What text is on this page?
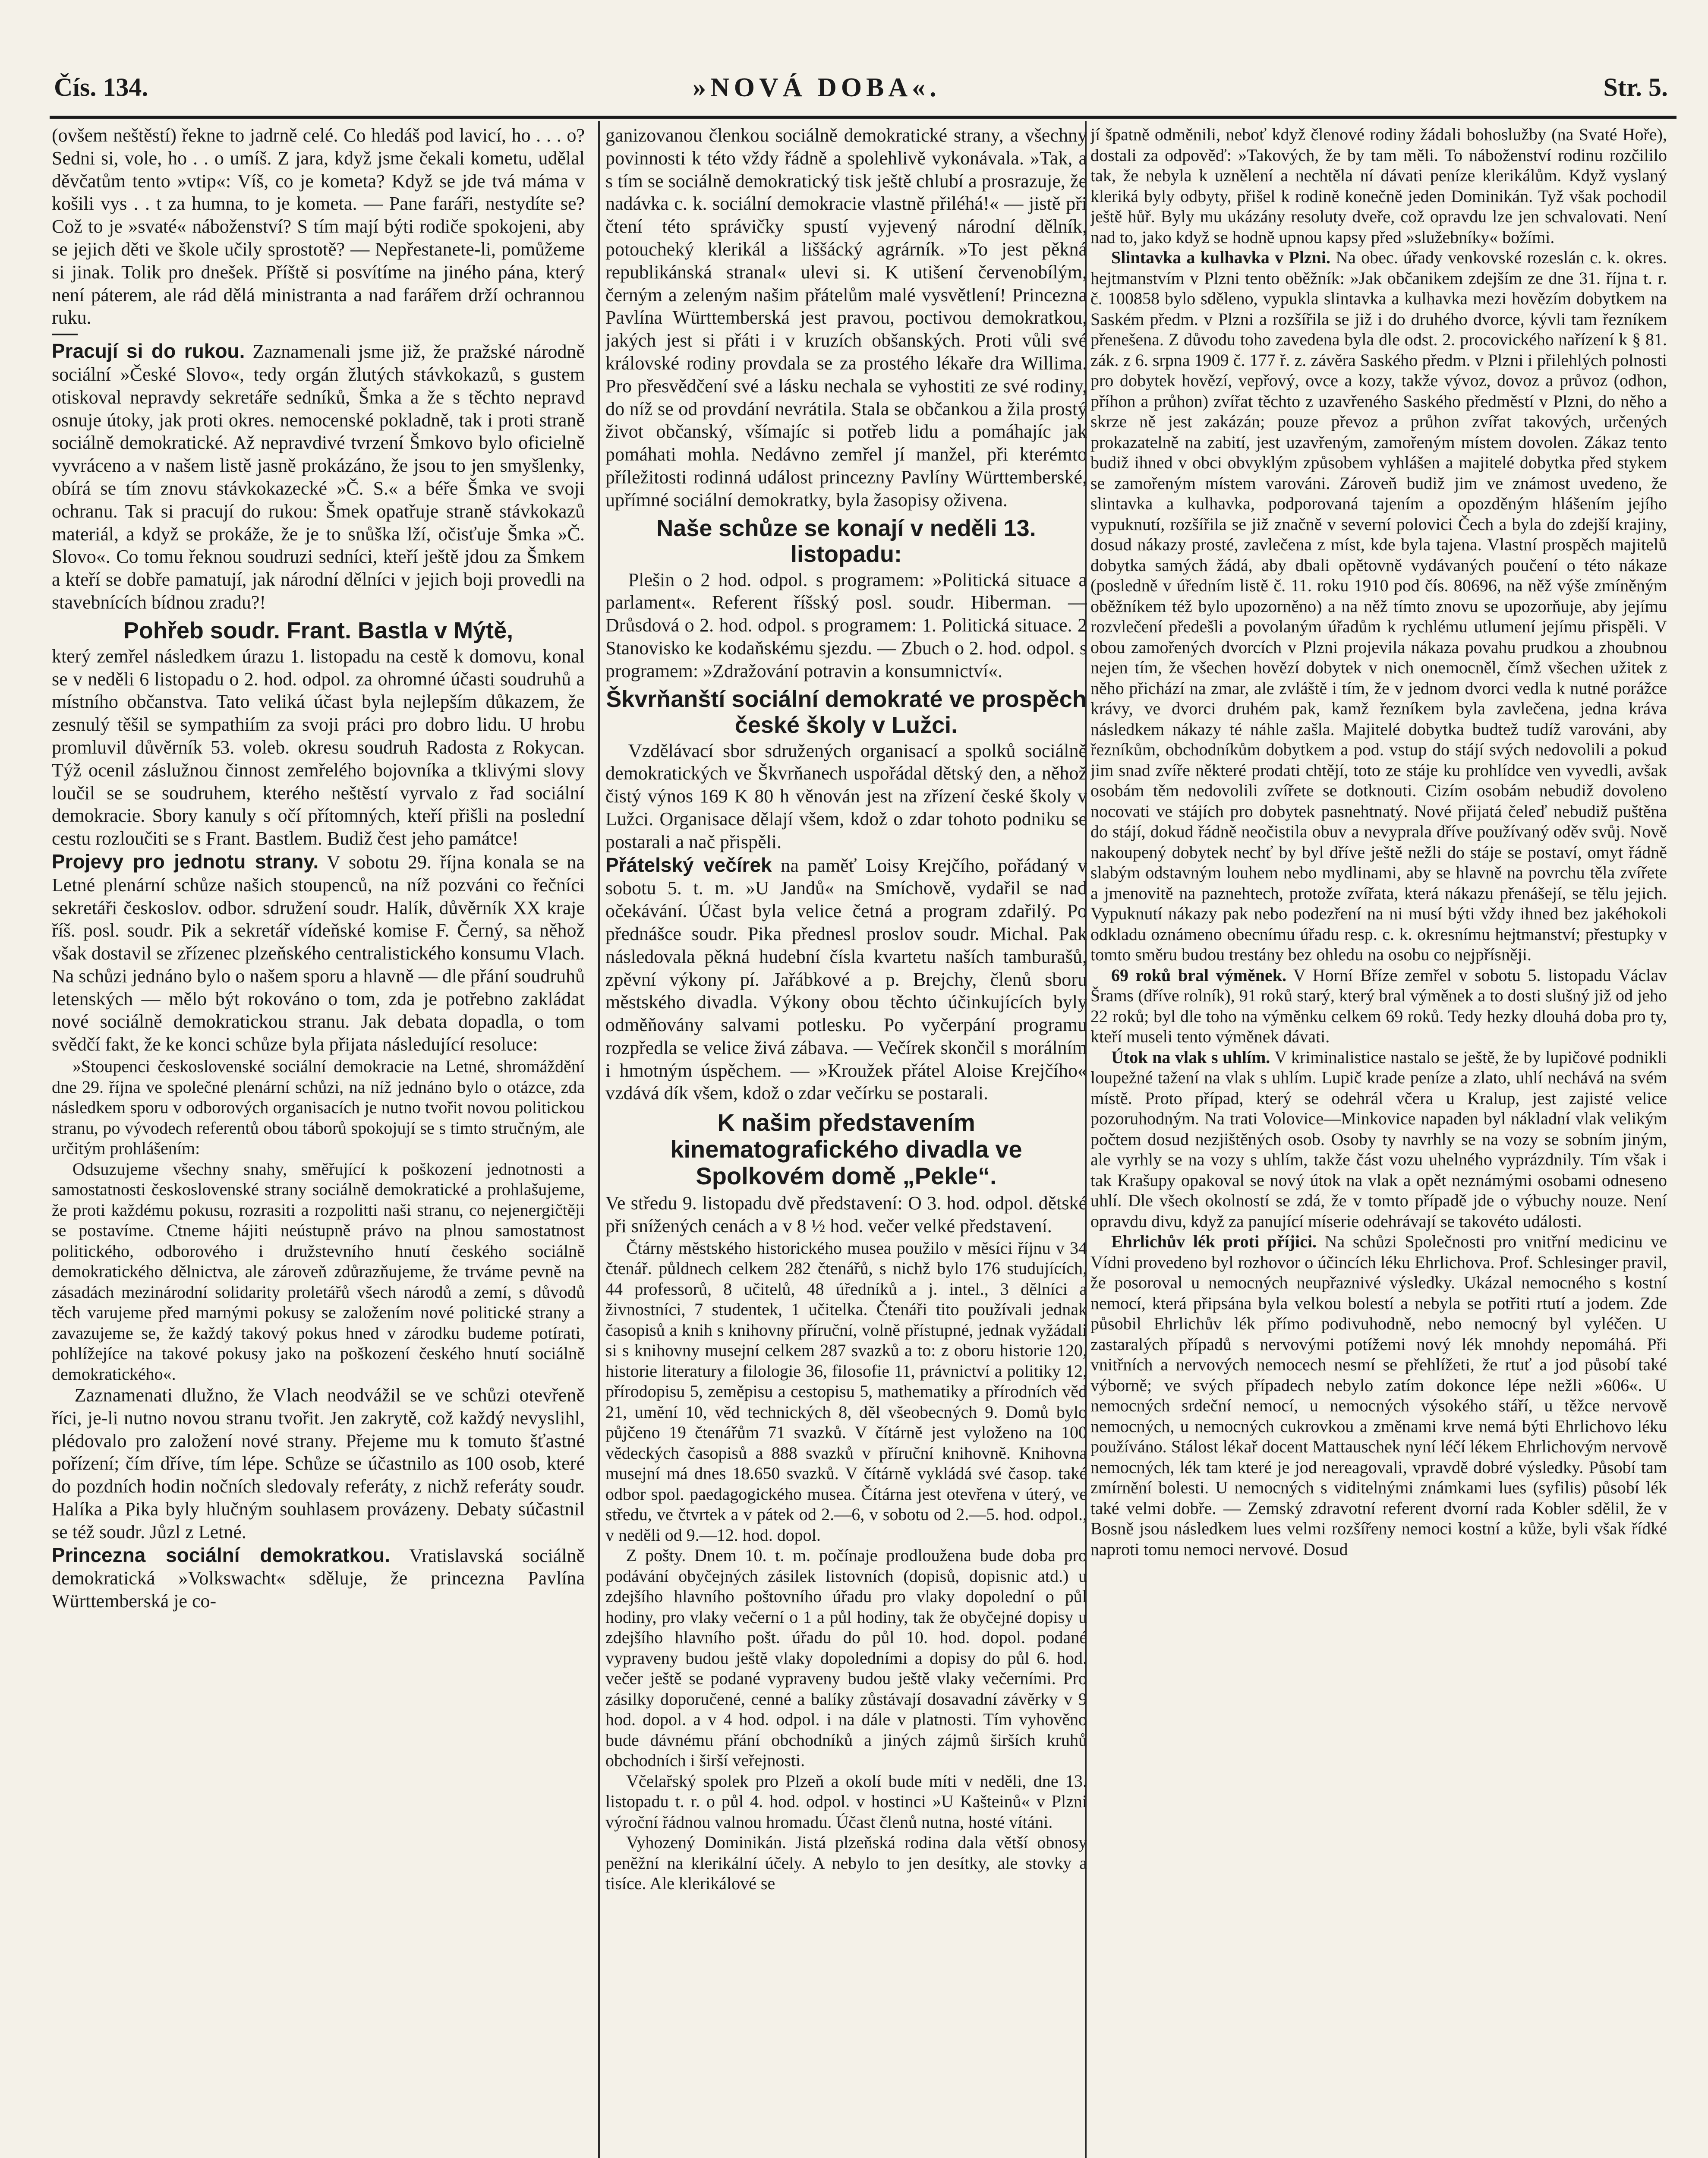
Čís. 134.	»NOVÁ DOBA«.	Str. 5.

(ovšem neštěstí) řekne to jadrně celé. Co hledáš pod lavicí, ho . . . o? Sedni si, vole, ho . . o umíš. Z jara, když jsme čekali kometu, udělal děvčatům tento »vtip«: Víš, co je kometa? Když se jde tvá máma v košili vys . . t za humna, to je kometa. — Pane faráři, nestydíte se? Což to je »svaté« náboženství? S tím mají býti rodiče spokojeni, aby se jejich děti ve škole učily sprostotě? — Nepřestanete-li, pomůžeme si jinak. Tolik pro dnešek. Příště si posvítíme na jiného pána, který není páterem, ale rád dělá ministranta a nad farářem drží ochrannou ruku.

Pracují si do rukou. Zaznamenali jsme již, že pražské národně sociální »České Slovo«, tedy orgán žlutých stávkokazů, s gustem otiskoval nepravdy sekretáře sedníků, Šmka a že s těchto nepravd osnuje útoky, jak proti okres. nemocenské pokladně, tak i proti straně sociálně demokratické. Až nepravdivé tvrzení Šmkovo bylo oficielně vyvráceno a v našem listě jasně prokázáno, že jsou to jen smyšlenky, obírá se tím znovu stávkokazecké »Č. S.« a béře Šmka ve svoji ochranu. Tak si pracují do rukou: Šmek opatřuje straně stávkokazů materiál, a když se prokáže, že je to snůška lží, očisťuje Šmka »Č. Slovo«. Co tomu řeknou soudruzi sedníci, kteří ještě jdou za Šmkem a kteří se dobře pamatují, jak národní dělníci v jejich boji provedli na stavebnících bídnou zradu?!

Pohřeb soudr. Frant. Bastla v Mýtě,

který zemřel následkem úrazu 1. listopadu na cestě k domovu, konal se v neděli 6 listopadu o 2. hod. odpol. za ohromné účasti soudruhů a místního občanstva. Tato veliká účast byla nejlepším důkazem, že zesnulý těšil se sympathiím za svoji práci pro dobro lidu. U hrobu promluvil důvěrník 53. voleb. okresu soudruh Radosta z Rokycan. Týž ocenil záslužnou činnost zemřelého bojovníka a tklivými slovy loučil se se soudruhem, kterého neštěstí vyrvalo z řad sociální demokracie. Sbory kanuly s očí přítomných, kteří přišli na poslední cestu rozloučiti se s Frant. Bastlem. Budiž čest jeho památce!

Projevy pro jednotu strany. V sobotu 29. října konala se na Letné plenární schůze našich stoupenců, na níž pozváni co řečníci sekretáři českoslov. odbor. sdružení soudr. Halík, důvěrník XX kraje říš. posl. soudr. Pik a sekretář vídeňské komise F. Černý, sa něhož však dostavil se zřízenec plzeňského centralistického konsumu Vlach. Na schůzi jednáno bylo o našem sporu a hlavně — dle přání soudruhů letenských — mělo být rokováno o tom, zda je potřebno zakládat nové sociálně demokratickou stranu. Jak debata dopadla, o tom svědčí fakt, že ke konci schůze byla přijata následující resoluce:

»Stoupenci československé sociální demokracie na Letné, shromáždění dne 29. října ve společné plenární schůzi, na níž jednáno bylo o otázce, zda následkem sporu v odborových organisacích je nutno tvořit novou politickou stranu, po vývodech referentů obou táborů spokojují se s timto stručným, ale určitým prohlášením:

Odsuzujeme všechny snahy, směřující k poškození jednotnosti a samostatnosti československé strany sociálně demokratické a prohlašujeme, že proti každému pokusu, rozrasiti a rozpolitti naši stranu, co nejenergičtěji se postavíme. Ctneme hájiti neústupně právo na plnou samostatnost politického, odborového i družstevního hnutí českého sociálně demokratického dělnictva, ale zároveň zdůrazňujeme, že trváme pevně na zásadách mezinárodní solidarity proletářů všech národů a zemí, s důvodů těch varujeme před marnými pokusy se založením nové politické strany a zavazujeme se, že každý takový pokus hned v zárodku budeme potírati, pohlížejíce na takové pokusy jako na poškození českého hnutí sociálně demokratického«.

Zaznamenati dlužno, že Vlach neodvážil se ve schůzi otevřeně říci, je-li nutno novou stranu tvořit. Jen zakrytě, což každý nevyslihl, plédovalo pro založení nové strany. Přejeme mu k tomuto šťastné pořízení; čím dříve, tím lépe. Schůze se účastnilo as 100 osob, které do pozdních hodin nočních sledovaly referáty, z nichž referáty soudr. Halíka a Pika byly hlučným souhlasem provázeny. Debaty súčastnil se též soudr. Jůzl z Letné.

Princezna sociální demokratkou. Vratislavská sociálně demokratická »Volkswacht« sděluje, že princezna Pavlína Württemberská je co-

ganizovanou členkou sociálně demokratické strany, a všechny povinnosti k této vždy řádně a spolehlivě vykonávala. »Tak, a s tím se sociálně demokratický tisk ještě chlubí a prosrazuje, že nadávka c. k. sociální demokracie vlastně přiléhá!« — jistě při čtení této správičky spustí vyjevený národní dělník, potoucheký klerikál a liššácký agrárník. »To jest pěkná republikánská stranal« ulevi si. K utišení červenobílým, černým a zeleným našim přátelům malé vysvětlení! Princezna Pavlína Württemberská jest pravou, poctivou demokratkou, jakých jest si přáti i v kruzích obšanských. Proti vůli své královské rodiny provdala se za prostého lékaře dra Willima. Pro přesvědčení své a lásku nechala se vyhostiti ze své rodiny, do níž se od provdání nevrátila. Stala se občankou a žila prostý život občanský, všímajíc si potřeb lidu a pomáhajíc jak pomáhati mohla. Nedávno zemřel jí manžel, při kterémto příležitosti rodinná událost princezny Pavlíny Württemberské, upřímné sociální demokratky, byla žasopisy oživena.

Naše schůze se konají v neděli 13. listopadu:

Plešin o 2 hod. odpol. s programem: »Politická situace a parlament«. Referent říšský posl. soudr. Hiberman. — Drůsdová o 2. hod. odpol. s programem: 1. Politická situace. 2 Stanovisko ke kodaňskému sjezdu. — Zbuch o 2. hod. odpol. s programem: »Zdražování potravin a konsumnictví«.

Škvrňanští sociální demokraté ve prospěch české školy v Lužci.

Vzdělávací sbor sdružených organisací a spolků sociálně demokratických ve Škvrňanech uspořádal dětský den, a něhož čistý výnos 169 K 80 h věnován jest na zřízení české školy v Lužci. Organisace dělají všem, kdož o zdar tohoto podniku se postarali a nač přispěli.

Přátelský večírek na paměť Loisy Krejčího, pořádaný v sobotu 5. t. m. »U Jandů« na Smíchově, vydařil se nad očekávání. Účast byla velice četná a program zdařilý. Po přednášce soudr. Pika přednesl proslov soudr. Michal. Pak následovala pěkná hudební čísla kvartetu naších tamburašů, zpěvní výkony pí. Jařábkové a p. Brejchy, členů sboru městského divadla. Výkony obou těchto účinkujících byly odměňovány salvami potlesku. Po vyčerpání programu rozpředla se velice živá zábava. — Večírek skončil s morálním i hmotným úspěchem. — »Kroužek přátel Aloise Krejčího« vzdává dík všem, kdož o zdar večírku se postarali.

K našim představením kinematografického divadla ve Spolkovém domě „Pekle“.

Ve středu 9. listopadu dvě představení: O 3. hod. odpol. dětské při snížených cenách a v 8 ½ hod. večer velké představení.

Čtárny městského historického musea použilo v měsíci říjnu v 34 čtenář. půldnech celkem 282 čtenářů, s nichž bylo 176 studujících, 44 professorů, 8 učitelů, 48 úředníků a j. intel., 3 dělníci a živnostníci, 7 studentek, 1 učitelka. Čtenáři tito používali jednak časopisů a knih s knihovny příruční, volně přístupné, jednak vyžádali si s knihovny musejní celkem 287 svazků a to: z oboru historie 120, historie literatury a filologie 36, filosofie 11, právnictví a politiky 12, přírodopisu 5, zeměpisu a cestopisu 5, mathematiky a přírodních věd 21, umění 10, věd technických 8, děl všeobecných 9. Domů bylo půjčeno 19 čtenářům 71 svazků. V čítárně jest vyloženo na 100 vědeckých časopisů a 888 svazků v příruční knihovně. Knihovna musejní má dnes 18.650 svazků. V čítárně vykládá své časop. také odbor spol. paedagogického musea. Čítárna jest otevřena v úterý, ve středu, ve čtvrtek a v pátek od 2.—6, v sobotu od 2.—5. hod. odpol., v neděli od 9.—12. hod. dopol.

Z pošty. Dnem 10. t. m. počínaje prodloužena bude doba pro podávání obyčejných zásilek listovních (dopisů, dopisnic atd.) u zdejšího hlavního poštovního úřadu pro vlaky dopolední o půl hodiny, pro vlaky večerní o 1 a půl hodiny, tak že obyčejné dopisy u zdejšího hlavního pošt. úřadu do půl 10. hod. dopol. podané vypraveny budou ještě vlaky dopoledními a dopisy do půl 6. hod. večer ještě se podané vypraveny budou ještě vlaky večerními. Pro zásilky doporučené, cenné a balíky zůstávají dosavadní závěrky v 9 hod. dopol. a v 4 hod. odpol. i na dále v platnosti. Tím vyhověno bude dávnému přání obchodníků a jiných zájmů širších kruhů obchodních i širší veřejnosti.

Včelařský spolek pro Plzeň a okolí bude míti v neděli, dne 13. listopadu t. r. o půl 4. hod. odpol. v hostinci »U Kašteinů« v Plzni výroční řádnou valnou hromadu. Účast členů nutna, hosté vítáni.

Vyhozený Dominikán. Jistá plzeňská rodina dala větší obnosy peněžní na klerikální účely. A nebylo to jen desítky, ale stovky a tisíce. Ale klerikálové se

jí špatně odměnili, neboť když členové rodiny žádali bohoslužby (na Svaté Hoře), dostali za odpověď: »Takových, že by tam měli. To náboženství rodinu rozčililo tak, že nebyla k uznělení a nechtěla ní dávati peníze klerikálům. Když vyslaný kleriká byly odbyty, přišel k rodině konečně jeden Dominikán. Tyž však pochodil ještě hůř. Byly mu ukázány resoluty dveře, což opravdu lze jen schvalovati. Není nad to, jako když se hodně upnou kapsy před »služebníky« božími.

Slintavka a kulhavka v Plzni. Na obec. úřady venkovské rozeslán c. k. okres. hejtmanstvím v Plzni tento oběžník: »Jak občanikem zdejším ze dne 31. října t. r. č. 100858 bylo sděleno, vypukla slintavka a kulhavka mezi hovězím dobytkem na Saském předm. v Plzni a rozšířila se již i do druhého dvorce, kývli tam řezníkem přenešena. Z důvodu toho zavedena byla dle odst. 2. procovického nařízení k § 81. zák. z 6. srpna 1909 č. 177 ř. z. závěra Saského předm. v Plzni i přilehlých polnosti pro dobytek hovězí, vepřový, ovce a kozy, takže vývoz, dovoz a průvoz (odhon, příhon a průhon) zvířat těchto z uzavřeného Saského předměstí v Plzni, do něho a skrze ně jest zakázán; pouze převoz a průhon zvířat takových, určených prokazatelně na zabití, jest uzavřeným, zamořeným místem dovolen. Zákaz tento budiž ihned v obci obvyklým způsobem vyhlášen a majitelé dobytka před stykem se zamořeným místem varováni. Zároveň budiž jim ve známost uvedeno, že slintavka a kulhavka, podporovaná tajením a opozděným hlášením jejího vypuknutí, rozšířila se již značně v severní polovici Čech a byla do zdejší krajiny, dosud nákazy prosté, zavlečena z míst, kde byla tajena. Vlastní prospěch majitelů dobytka samých žádá, aby dbali opětovně vydávaných poučení o této nákaze (posledně v úředním listě č. 11. roku 1910 pod čís. 80696, na něž výše zmíněným oběžníkem též bylo upozorněno) a na něž tímto znovu se upozorňuje, aby jejímu rozvlečení předešli a povolaným úřadům k rychlému utlumení jejímu přispěli. V obou zamořených dvorcích v Plzni projevila nákaza povahu prudkou a zhoubnou nejen tím, že všechen hovězí dobytek v nich onemocněl, čímž všechen užitek z něho přichází na zmar, ale zvláště i tím, že v jednom dvorci vedla k nutné porážce krávy, ve dvorci druhém pak, kamž řezníkem byla zavlečena, jedna kráva následkem nákazy té náhle zašla. Majitelé dobytka budtež tudíž varováni, aby řezníkům, obchodníkům dobytkem a pod. vstup do stájí svých nedovolili a pokud jim snad zvíře některé prodati chtějí, toto ze stáje ku prohlídce ven vyvedli, avšak osobám těm nedovolili zvířete se dotknouti. Cizím osobám nebudiž dovoleno nocovati ve stájích pro dobytek pasnehtnatý. Nové přijatá čeleď nebudiž puštěna do stájí, dokud řádně neočistila obuv a nevyprala dříve používaný oděv svůj. Nově nakoupený dobytek nechť by byl dříve ještě nežli do stáje se postaví, omyt řádně slabým odstavným louhem nebo mydlinami, aby se hlavně na povrchu těla zvířete a jmenovitě na paznehtech, protože zvířata, která nákazu přenášejí, se tělu jejich. Vypuknutí nákazy pak nebo podezření na ni musí býti vždy ihned bez jakéhokoli odkladu oznámeno obecnímu úřadu resp. c. k. okresnímu hejtmanství; přestupky v tomto směru budou trestány bez ohledu na osobu co nejpřísněji.

69 roků bral výměnek. V Horní Bříze zemřel v sobotu 5. listopadu Václav Šrams (dříve rolník), 91 roků starý, který bral výměnek a to dosti slušný již od jeho 22 roků; byl dle toho na výměnku celkem 69 roků. Tedy hezky dlouhá doba pro ty, kteří museli tento výměnek dávati.

Útok na vlak s uhlím. V kriminalistice nastalo se ještě, že by lupičové podnikli loupežné tažení na vlak s uhlím. Lupič krade peníze a zlato, uhlí nechává na svém místě. Proto případ, který se odehrál včera u Kralup, jest zajisté velice pozoruhodným. Na trati Volovice—Minkovice napaden byl nákladní vlak velikým počtem dosud nezjištěných osob. Osoby ty navrhly se na vozy se sobním jiným, ale vyrhly se na vozy s uhlím, takže část vozu uhelného vyprázdnily. Tím však i tak Krašupy opakoval se nový útok na vlak a opět neznámými osobami odneseno uhlí. Dle všech okolností se zdá, že v tomto případě jde o výbuchy nouze. Není opravdu divu, když za panující míserie odehrávají se takovéto události.

Ehrlichův lék proti příjici. Na schůzi Společnosti pro vnitřní medicinu ve Vídni provedeno byl rozhovor o účincích léku Ehrlichova. Prof. Schlesinger pravil, že posoroval u nemocných neupřaznivé výsledky. Ukázal nemocného s kostní nemocí, která připsána byla velkou bolestí a nebyla se potřiti rtutí a jodem. Zde působil Ehrlichův lék přímo podivuhodně, nebo nemocný byl vyléčen. U zastaralých případů s nervovými potížemi nový lék mnohdy nepomáhá. Při vnitřních a nervových nemocech nesmí se přehlížeti, že rtuť a jod působí také výborně; ve svých případech nebylo zatím dokonce lépe nežli »606«. U nemocných srdeční nemocí, u nemocných výsokého stáří, u těžce nervově nemocných, u nemocných cukrovkou a změnami krve nemá býti Ehrlichovo léku používáno. Stálost lékař docent Mattauschek nyní léčí lékem Ehrlichovým nervově nemocných, lék tam které je jod nereagovali, vpravdě dobré výsledky. Působí tam zmírnění bolesti. U nemocných s viditelnými známkami lues (syfilis) působí lék také velmi dobře. — Zemský zdravotní referent dvorní rada Kobler sdělil, že v Bosně jsou následkem lues velmi rozšířeny nemoci kostní a kůže, byli však řídké naproti tomu nemoci nervové. Dosud
